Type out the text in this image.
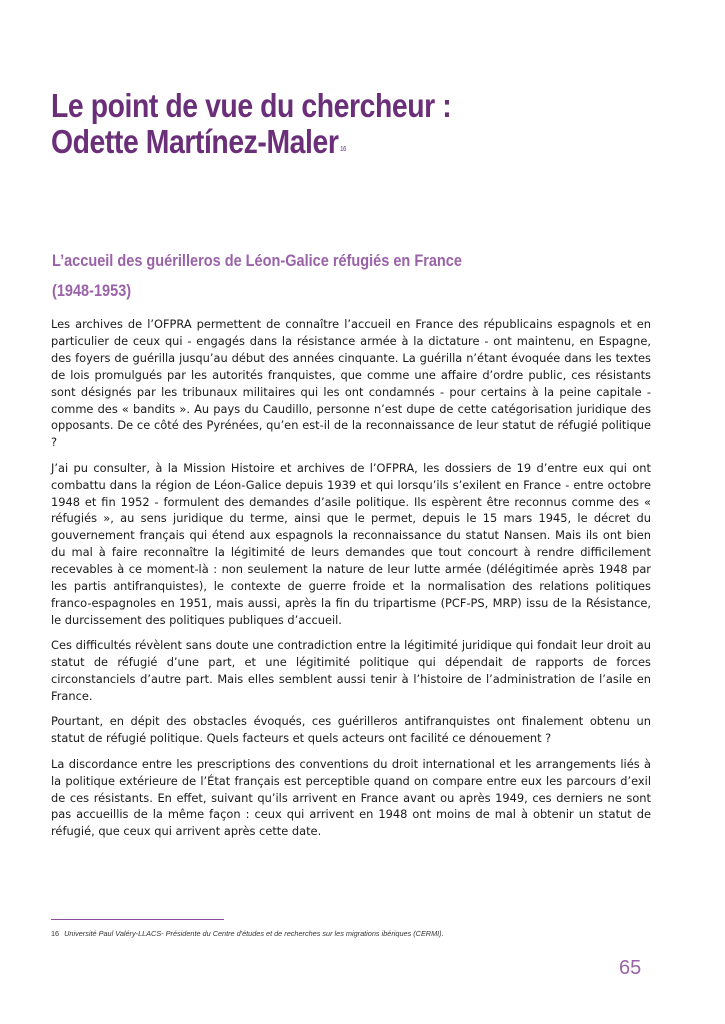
Le point de vue du chercheur :
Odette Martínez-Maler $^{16}$
L’accueil des guérilleros de Léon-Galice réfugiés en France
(1948-1953)

Les archives de l’OFPRA permettent de connaître l’accueil en France des républicains espagnols et en particulier de ceux qui - engagés dans la résistance armée à la dictature - ont maintenu, en Espagne, des foyers de guérilla jusqu’au début des années cinquante. La guérilla n’étant évoquée dans les textes de lois promulgués par les autorités franquistes, que comme une affaire d’ordre public, ces résistants sont désignés par les tribunaux militaires qui les ont condamnés - pour certains à la peine capitale - comme des « bandits ». Au pays du Caudillo, personne n’est dupe de cette catégorisation juridique des opposants. De ce côté des Pyrénées, qu’en est-il de la reconnaissance de leur statut de réfugié politique ?

J’ai pu consulter, à la Mission Histoire et archives de l’OFPRA, les dossiers de 19 d’entre eux qui ont combattu dans la région de Léon-Galice depuis 1939 et qui lorsqu’ils s’exilent en France - entre octobre 1948 et fin 1952 - formulent des demandes d’asile politique. Ils espèrent être reconnus comme des « réfugiés », au sens juridique du terme, ainsi que le permet, depuis le 15 mars 1945, le décret du gouvernement français qui étend aux espagnols la reconnaissance du statut Nansen. Mais ils ont bien du mal à faire reconnaître la légitimité de leurs demandes que tout concourt à rendre difficilement recevables à ce moment-là : non seulement la nature de leur lutte armée (délégitimée après 1948 par les partis antifranquistes), le contexte de guerre froide et la normalisation des relations politiques franco-espagnoles en 1951, mais aussi, après la fin du tripartisme (PCF-PS, MRP) issu de la Résistance, le durcissement des politiques publiques d’accueil.

Ces difficultés révèlent sans doute une contradiction entre la légitimité juridique qui fondait leur droit au statut de réfugié d’une part, et une légitimité politique qui dépendait de rapports de forces circonstanciels d’autre part. Mais elles semblent aussi tenir à l’histoire de l’administration de l’asile en France.

Pourtant, en dépit des obstacles évoqués, ces guérilleros antifranquistes ont finalement obtenu un statut de réfugié politique. Quels facteurs et quels acteurs ont facilité ce dénouement ?

La discordance entre les prescriptions des conventions du droit international et les arrangements liés à la politique extérieure de l’État français est perceptible quand on compare entre eux les parcours d’exil de ces résistants. En effet, suivant qu’ils arrivent en France avant ou après 1949, ces derniers ne sont pas accueillis de la même façon : ceux qui arrivent en 1948 ont moins de mal à obtenir un statut de réfugié, que ceux qui arrivent après cette date.

16 Université Paul Valéry-LLACS- Présidente du Centre d'études et de recherches sur les migrations ibériques (CERMI).
65
